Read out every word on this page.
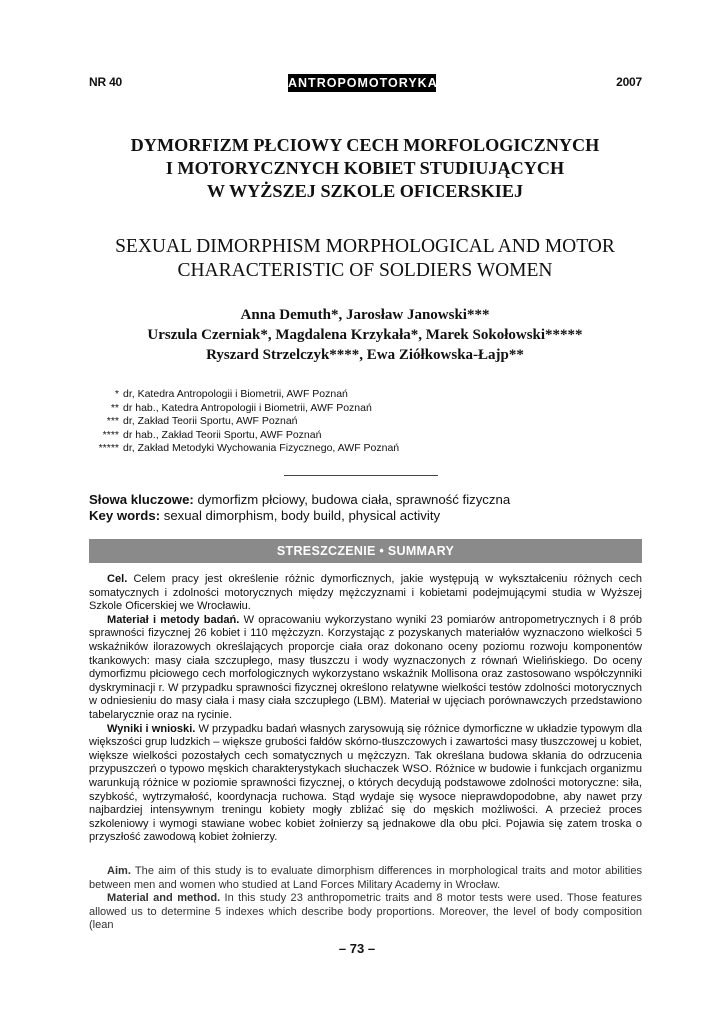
NR 40	ANTROPOMOTORYKA	2007
DYMORFIZM PŁCIOWY CECH MORFOLOGICZNYCH
I MOTORYCZNYCH KOBIET STUDIUJĄCYCH
W WYŻSZEJ SZKOLE OFICERSKIEJ
SEXUAL DIMORPHISM MORPHOLOGICAL AND MOTOR
CHARACTERISTIC OF SOLDIERS WOMEN
Anna Demuth*, Jarosław Janowski***
Urszula Czerniak*, Magdalena Krzykała*, Marek Sokołowski*****
Ryszard Strzelczyk****, Ewa Ziółkowska-Łajp**
* dr, Katedra Antropologii i Biometrii, AWF Poznań
** dr hab., Katedra Antropologii i Biometrii, AWF Poznań
*** dr, Zakład Teorii Sportu, AWF Poznań
**** dr hab., Zakład Teorii Sportu, AWF Poznań
***** dr, Zakład Metodyki Wychowania Fizycznego, AWF Poznań
Słowa kluczowe: dymorfizm płciowy, budowa ciała, sprawność fizyczna
Key words: sexual dimorphism, body build, physical activity
STRESZCZENIE • SUMMARY

Cel. Celem pracy jest określenie różnic dymorficznych, jakie występują w wykształceniu różnych cech somatycznych i zdolności motorycznych między mężczyznami i kobietami podejmującymi studia w Wyższej Szkole Oficerskiej we Wrocławiu.

Materiał i metody badań. W opracowaniu wykorzystano wyniki 23 pomiarów antropometrycznych i 8 prób sprawności fizycznej 26 kobiet i 110 mężczyzn. Korzystając z pozyskanych materiałów wyznaczono wielkości 5 wskaźników ilorazowych określających proporcje ciała oraz dokonano oceny poziomu rozwoju komponentów tkankowych: masy ciała szczupłego, masy tłuszczu i wody wyznaczonych z równań Wielińskiego. Do oceny dymorfizmu płciowego cech morfologicznych wykorzystano wskaźnik Mollisona oraz zastosowano współczynniki dyskryminacji r. W przypadku sprawności fizycznej określono relatywne wielkości testów zdolności motorycznych w odniesieniu do masy ciała i masy ciała szczupłego (LBM). Materiał w ujęciach porównawczych przedstawiono tabelarycznie oraz na rycinie.

Wyniki i wnioski. W przypadku badań własnych zarysowują się różnice dymorficzne w układzie typowym dla większości grup ludzkich – większe grubości fałdów skórno-tłuszczowych i zawartości masy tłuszczowej u kobiet, większe wielkości pozostałych cech somatycznych u mężczyzn. Tak określana budowa skłania do odrzucenia przypuszczeń o typowo męskich charakterystykach słuchaczek WSO. Różnice w budowie i funkcjach organizmu warunkują różnice w poziomie sprawności fizycznej, o których decydują podstawowe zdolności motoryczne: siła, szybkość, wytrzymałość, koordynacja ruchowa. Stąd wydaje się wysoce nieprawdopodobne, aby nawet przy najbardziej intensywnym treningu kobiety mogły zbliżać się do męskich możliwości. A przecież proces szkoleniowy i wymogi stawiane wobec kobiet żołnierzy są jednakowe dla obu płci. Pojawia się zatem troska o przyszłość zawodową kobiet żołnierzy.

Aim. The aim of this study is to evaluate dimorphism differences in morphological traits and motor abilities between men and women who studied at Land Forces Military Academy in Wrocław.

Material and method. In this study 23 anthropometric traits and 8 motor tests were used. Those features allowed us to determine 5 indexes which describe body proportions. Moreover, the level of body composition (lean

– 73 –
